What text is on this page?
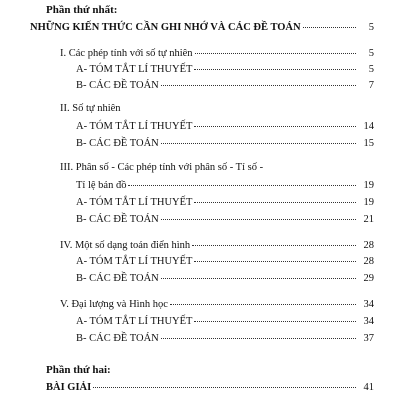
Phần thứ nhất:
NHỮNG KIẾN THỨC CẦN GHI NHỚ VÀ CÁC ĐỀ TOÁN	5
I. Các phép tính với số tự nhiên	5
A- TÓM TẮT LÍ THUYẾT	5
B- CÁC ĐỀ TOÁN	7
II. Số tự nhiên
A- TÓM TẮT LÍ THUYẾT	14
B- CÁC ĐỀ TOÁN	15
III. Phân số - Các phép tính với phân số - Tỉ số -
Tỉ lệ bản đồ	19
A- TÓM TẮT LÍ THUYẾT	19
B- CÁC ĐỀ TOÁN	21
IV. Một số dạng toán điển hình	28
A- TÓM TẮT LÍ THUYẾT	28
B- CÁC ĐỀ TOÁN	29
V. Đại lượng và Hình học	34
A- TÓM TẮT LÍ THUYẾT	34
B- CÁC ĐỀ TOÁN	37
Phần thứ hai:
BÀI GIẢI	41
